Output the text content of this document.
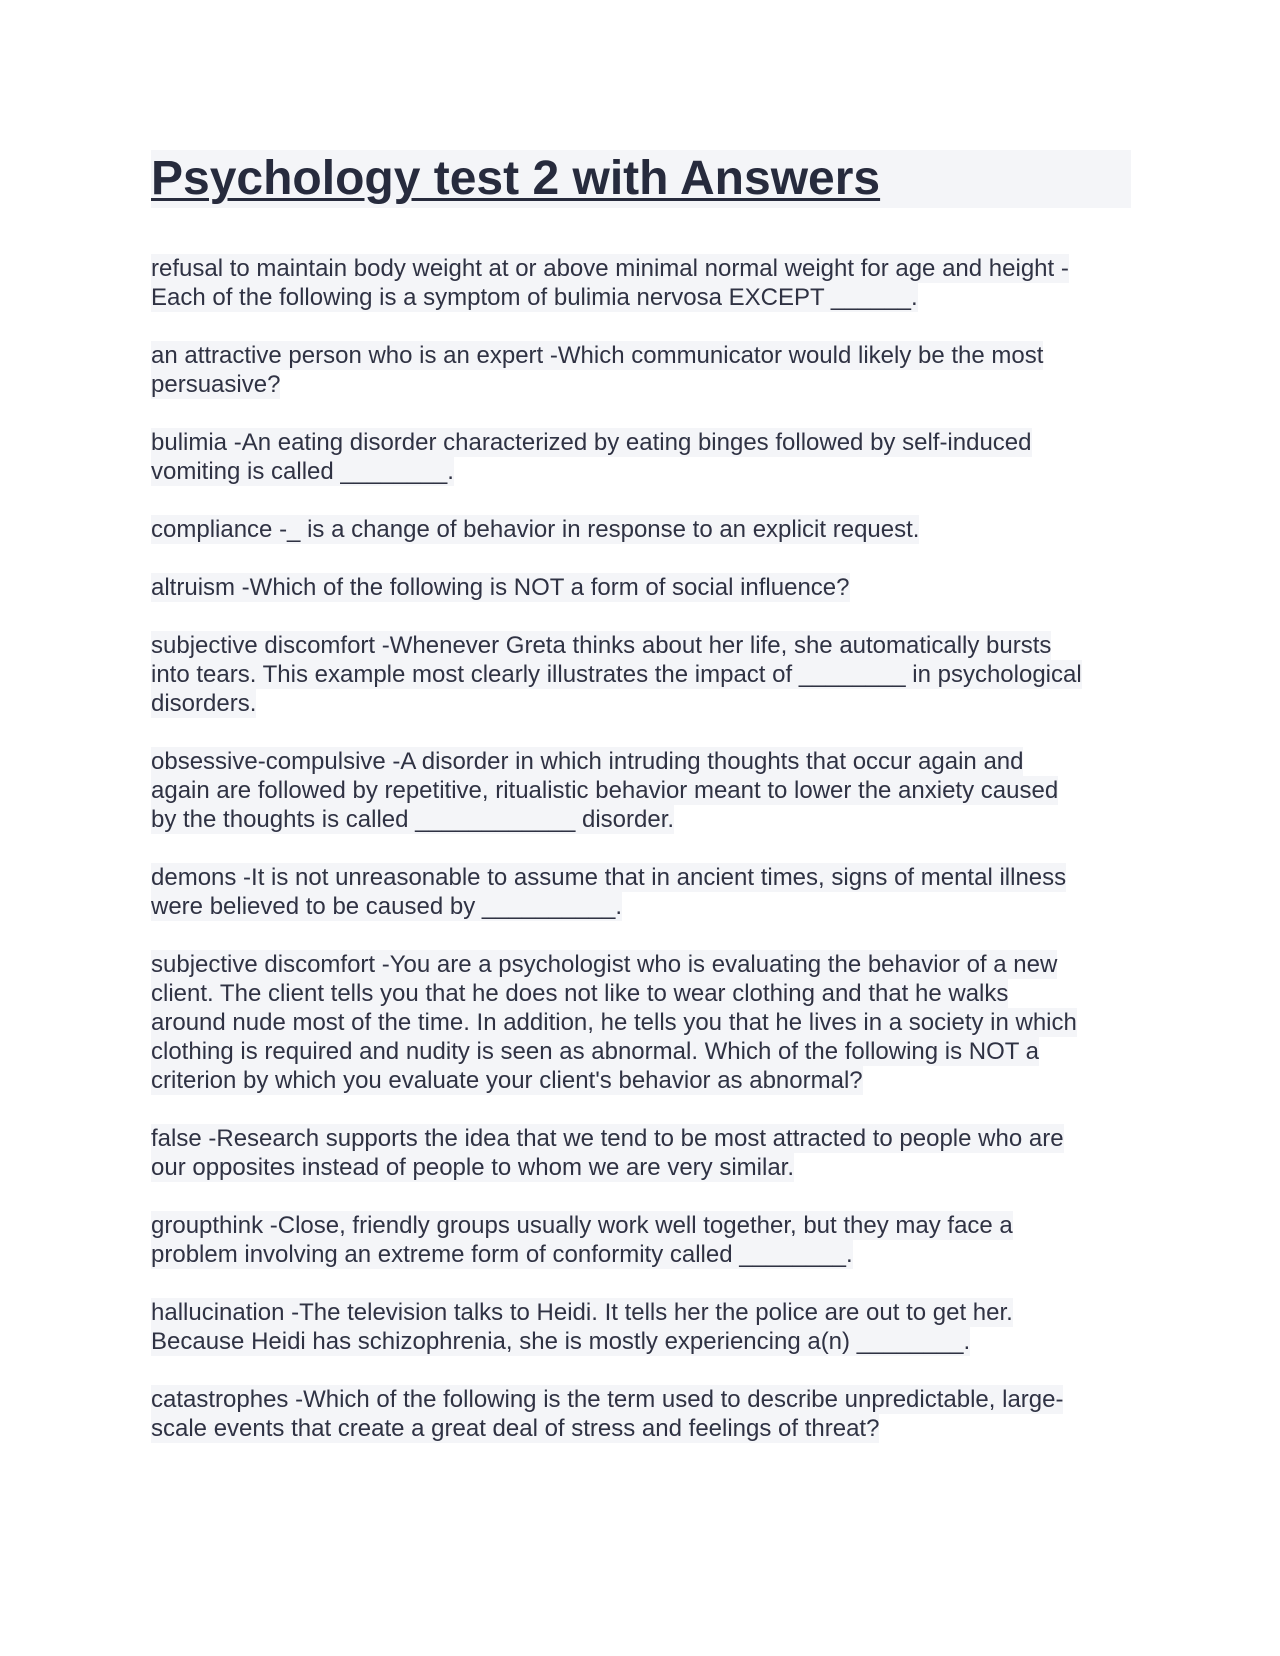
Psychology test 2 with Answers

refusal to maintain body weight at or above minimal normal weight for age and height -
Each of the following is a symptom of bulimia nervosa EXCEPT ______.

an attractive person who is an expert -Which communicator would likely be the most
persuasive?

bulimia -An eating disorder characterized by eating binges followed by self-induced
vomiting is called ________.

compliance -_ is a change of behavior in response to an explicit request.

altruism -Which of the following is NOT a form of social influence?

subjective discomfort -Whenever Greta thinks about her life, she automatically bursts
into tears. This example most clearly illustrates the impact of ________ in psychological
disorders.

obsessive-compulsive -A disorder in which intruding thoughts that occur again and
again are followed by repetitive, ritualistic behavior meant to lower the anxiety caused
by the thoughts is called ____________ disorder.

demons -It is not unreasonable to assume that in ancient times, signs of mental illness
were believed to be caused by __________.

subjective discomfort -You are a psychologist who is evaluating the behavior of a new
client. The client tells you that he does not like to wear clothing and that he walks
around nude most of the time. In addition, he tells you that he lives in a society in which
clothing is required and nudity is seen as abnormal. Which of the following is NOT a
criterion by which you evaluate your client's behavior as abnormal?

false -Research supports the idea that we tend to be most attracted to people who are
our opposites instead of people to whom we are very similar.

groupthink -Close, friendly groups usually work well together, but they may face a
problem involving an extreme form of conformity called ________.

hallucination -The television talks to Heidi. It tells her the police are out to get her.
Because Heidi has schizophrenia, she is mostly experiencing a(n) ________.

catastrophes -Which of the following is the term used to describe unpredictable, large-
scale events that create a great deal of stress and feelings of threat?
